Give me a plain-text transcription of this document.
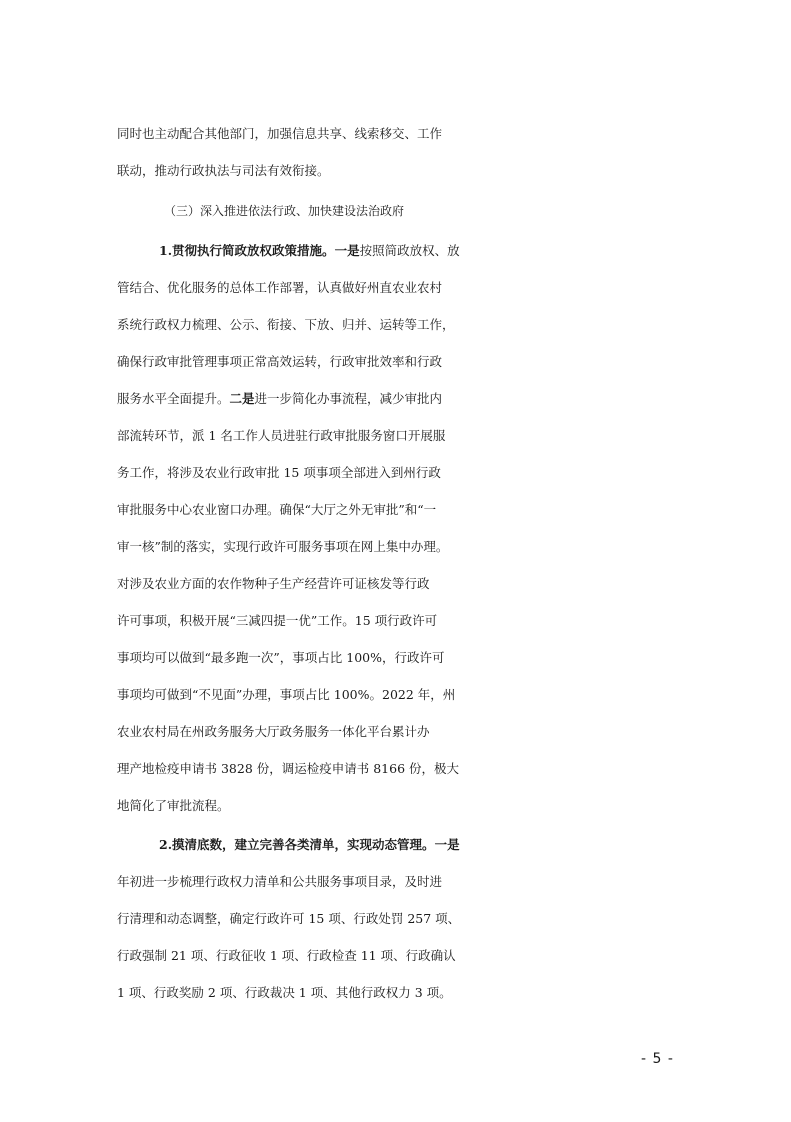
同时也主动配合其他部门，加强信息共享、线索移交、工作
联动，推动行政执法与司法有效衔接。
（三）深入推进依法行政、加快建设法治政府
1.贯彻执行简政放权政策措施。一是按照简政放权、放
管结合、优化服务的总体工作部署，认真做好州直农业农村
系统行政权力梳理、公示、衔接、下放、归并、运转等工作，
确保行政审批管理事项正常高效运转，行政审批效率和行政
服务水平全面提升。二是进一步简化办事流程，减少审批内
部流转环节，派 1 名工作人员进驻行政审批服务窗口开展服
务工作，将涉及农业行政审批 15 项事项全部进入到州行政
审批服务中心农业窗口办理。确保“大厅之外无审批”和“一
审一核”制的落实，实现行政许可服务事项在网上集中办理。
对涉及农业方面的农作物种子生产经营许可证核发等行政
许可事项，积极开展“三减四提一优”工作。15 项行政许可
事项均可以做到“最多跑一次”，事项占比 100%，行政许可
事项均可做到“不见面”办理，事项占比 100%。2022 年，州
农业农村局在州政务服务大厅政务服务一体化平台累计办
理产地检疫申请书 3828 份，调运检疫申请书 8166 份，极大
地简化了审批流程。
2.摸清底数，建立完善各类清单，实现动态管理。一是
年初进一步梳理行政权力清单和公共服务事项目录，及时进
行清理和动态调整，确定行政许可 15 项、行政处罚 257 项、
行政强制 21 项、行政征收 1 项、行政检查 11 项、行政确认
1 项、行政奖励 2 项、行政裁决 1 项、其他行政权力 3 项。
- 5 -
